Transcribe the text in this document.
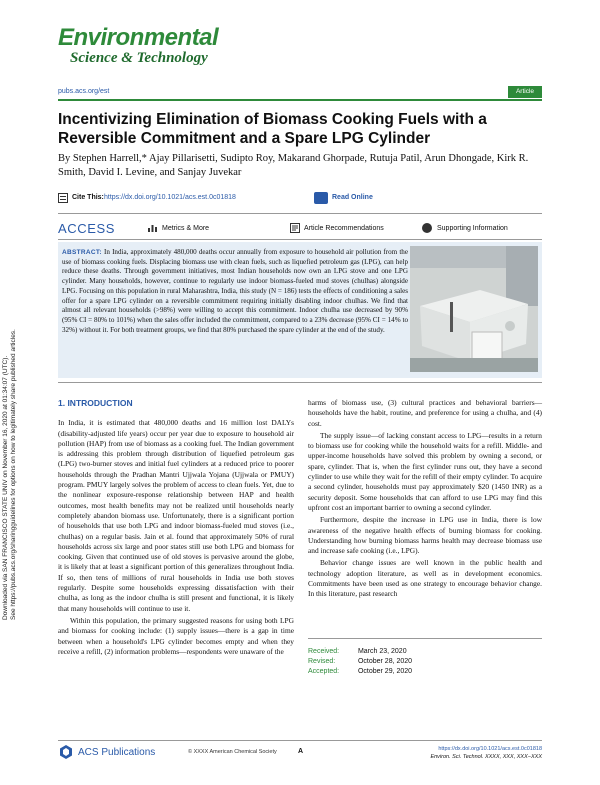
Downloaded via SAN FRANCISCO STATE UNIV on November 16, 2020 at 01:34:07 (UTC). See https://pubs.acs.org/sharingguidelines for options on how to legitimately share published articles.
Environmental
Science & Technology
pubs.acs.org/est	Article
Incentivizing Elimination of Biomass Cooking Fuels with a Reversible Commitment and a Spare LPG Cylinder
By Stephen Harrell,* Ajay Pillarisetti, Sudipto Roy, Makarand Ghorpade, Rutuja Patil, Arun Dhongade, Kirk R. Smith, David I. Levine, and Sanjay Juvekar
Cite This: https://dx.doi.org/10.1021/acs.est.0c01818	Read Online
ACCESS	Metrics & More	Article Recommendations	Supporting Information
ABSTRACT: In India, approximately 480,000 deaths occur annually from exposure to household air pollution from the use of biomass cooking fuels. Displacing biomass use with clean fuels, such as liquefied petroleum gas (LPG), can help reduce these deaths. Through government initiatives, most Indian households now own an LPG stove and one LPG cylinder. Many households, however, continue to regularly use indoor biomass-fueled mud stoves (chulhas) alongside LPG. Focusing on this population in rural Maharashtra, India, this study (N = 186) tests the effects of conditioning a sales offer for a spare LPG cylinder on a reversible commitment requiring initially disabling indoor chulhas. We find that almost all relevant households (>98%) were willing to accept this commitment. Indoor chulha use decreased by 90% (95% CI = 80% to 101%) when the sales offer included the commitment, compared to a 23% decrease (95% CI = 14% to 32%) without it. For both treatment groups, we find that 80% purchased the spare cylinder at the end of the study.
1. INTRODUCTION

In India, it is estimated that 480,000 deaths and 16 million lost DALYs (disability-adjusted life years) occur per year due to exposure to household air pollution (HAP) from use of biomass as a cooking fuel. The Indian government is addressing this problem through distribution of liquefied petroleum gas (LPG) two-burner stoves and initial fuel cylinders at a reduced price to poorer households through the Pradhan Mantri Ujjwala Yojana (Ujjwala or PMUY) program. PMUY largely solves the problem of access to clean fuels. Yet, due to the nonlinear exposure-response relationship between HAP and health outcomes, most health benefits may not be realized until households nearly completely abandon biomass use. Unfortunately, there is a significant portion of households that use both LPG and indoor biomass-fueled mud stoves (i.e., chulhas) on a regular basis. Jain et al. found that approximately 50% of rural households across six large and poor states still use both LPG and biomass for cooking. Given that continued use of old stoves is pervasive around the globe, it is likely that at least a significant portion of this generalizes throughout India. If so, then tens of millions of rural households in India use both stoves regularly. Despite some households expressing dissatisfaction with their chulha, as long as the indoor chulha is still present and functional, it is likely that many households will continue to use it.

Within this population, the primary suggested reasons for using both LPG and biomass for cooking include: (1) supply issues—there is a gap in time between when a household's LPG cylinder becomes empty and when they receive a refill, (2) information problems—respondents were unaware of the

harms of biomass use, (3) cultural practices and behavioral barriers—households have the habit, routine, and preference for using a chulha, and (4) cost.

The supply issue—of lacking constant access to LPG—results in a return to biomass use for cooking while the household waits for a refill. Middle- and upper-income households have solved this problem by owning a second, or spare, cylinder. That is, when the first cylinder runs out, they have a second cylinder to use while they wait for the refill of their empty cylinder. To acquire a second cylinder, households must pay approximately $20 (1450 INR) as a security deposit. Some households that can afford to use LPG may find this upfront cost an important barrier to owning a second cylinder.

Furthermore, despite the increase in LPG use in India, there is low awareness of the negative health effects of burning biomass for cooking. Understanding how burning biomass harms health may decrease biomass use and increase safe cooking (i.e., LPG).

Behavior change issues are well known in the public health and technology adoption literature, as well as in development economics. Commitments have been used as one strategy to encourage behavior change. In this literature, past research

Received:	March 23, 2020
Revised:	October 28, 2020
Accepted:	October 29, 2020
ACS Publications	© XXXX American Chemical Society	A	https://dx.doi.org/10.1021/acs.est.0c01818
Environ. Sci. Technol. XXXX, XXX, XXX−XXX
